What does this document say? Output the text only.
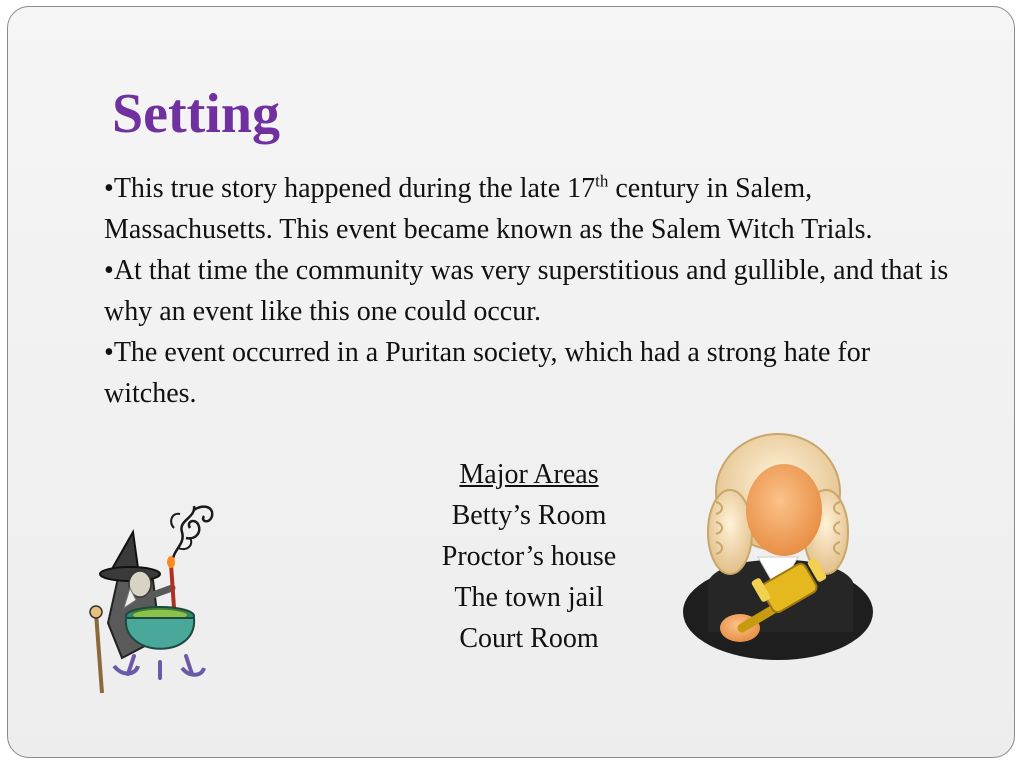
Setting

•This true story happened during the late 17th century in Salem, Massachusetts. This event became known as the Salem Witch Trials.

•At that time the community was very superstitious and gullible, and that is why an event like this one could occur.

•The event occurred in a Puritan society, which had a strong hate for witches.

Major Areas
Betty’s Room
Proctor’s house
The town jail
Court Room
